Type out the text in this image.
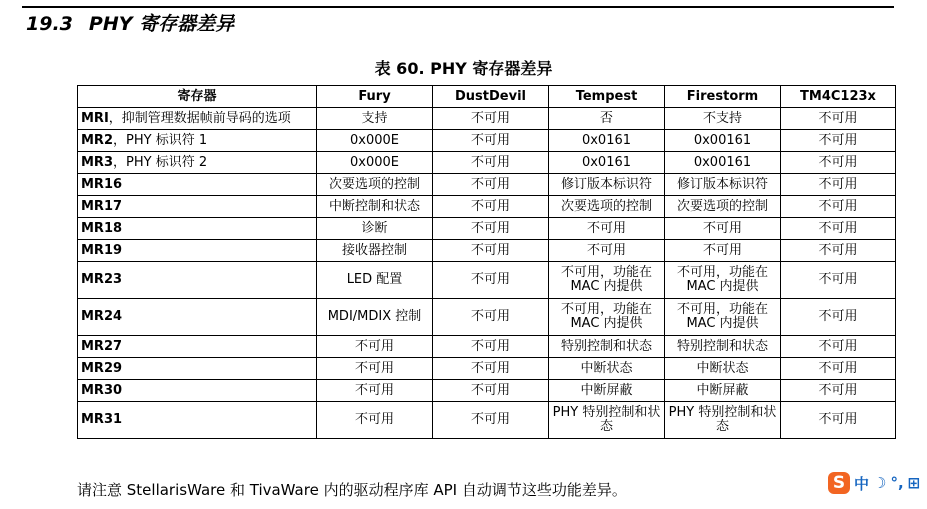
19.3 PHY 寄存器差异
表 60. PHY 寄存器差异
寄存器	Fury	DustDevil	Tempest	Firestorm	TM4C123x
MRI，抑制管理数据帧前导码的选项	支持	不可用	否	不支持	不可用
MR2，PHY 标识符 1	0x000E	不可用	0x0161	0x00161	不可用
MR3，PHY 标识符 2	0x000E	不可用	0x0161	0x00161	不可用
MR16	次要选项的控制	不可用	修订版本标识符	修订版本标识符	不可用
MR17	中断控制和状态	不可用	次要选项的控制	次要选项的控制	不可用
MR18	诊断	不可用	不可用	不可用	不可用
MR19	接收器控制	不可用	不可用	不可用	不可用
MR23	LED 配置	不可用	不可用，功能在 MAC 内提供	不可用，功能在 MAC 内提供	不可用
MR24	MDI/MDIX 控制	不可用	不可用，功能在 MAC 内提供	不可用，功能在 MAC 内提供	不可用
MR27	不可用	不可用	特别控制和状态	特别控制和状态	不可用
MR29	不可用	不可用	中断状态	中断状态	不可用
MR30	不可用	不可用	中断屏蔽	中断屏蔽	不可用
MR31	不可用	不可用	PHY 特别控制和状态	PHY 特别控制和状态	不可用
请注意 StellarisWare 和 TivaWare 内的驱动程序库 API 自动调节这些功能差异。	S 中 ☽ °, ⊞
